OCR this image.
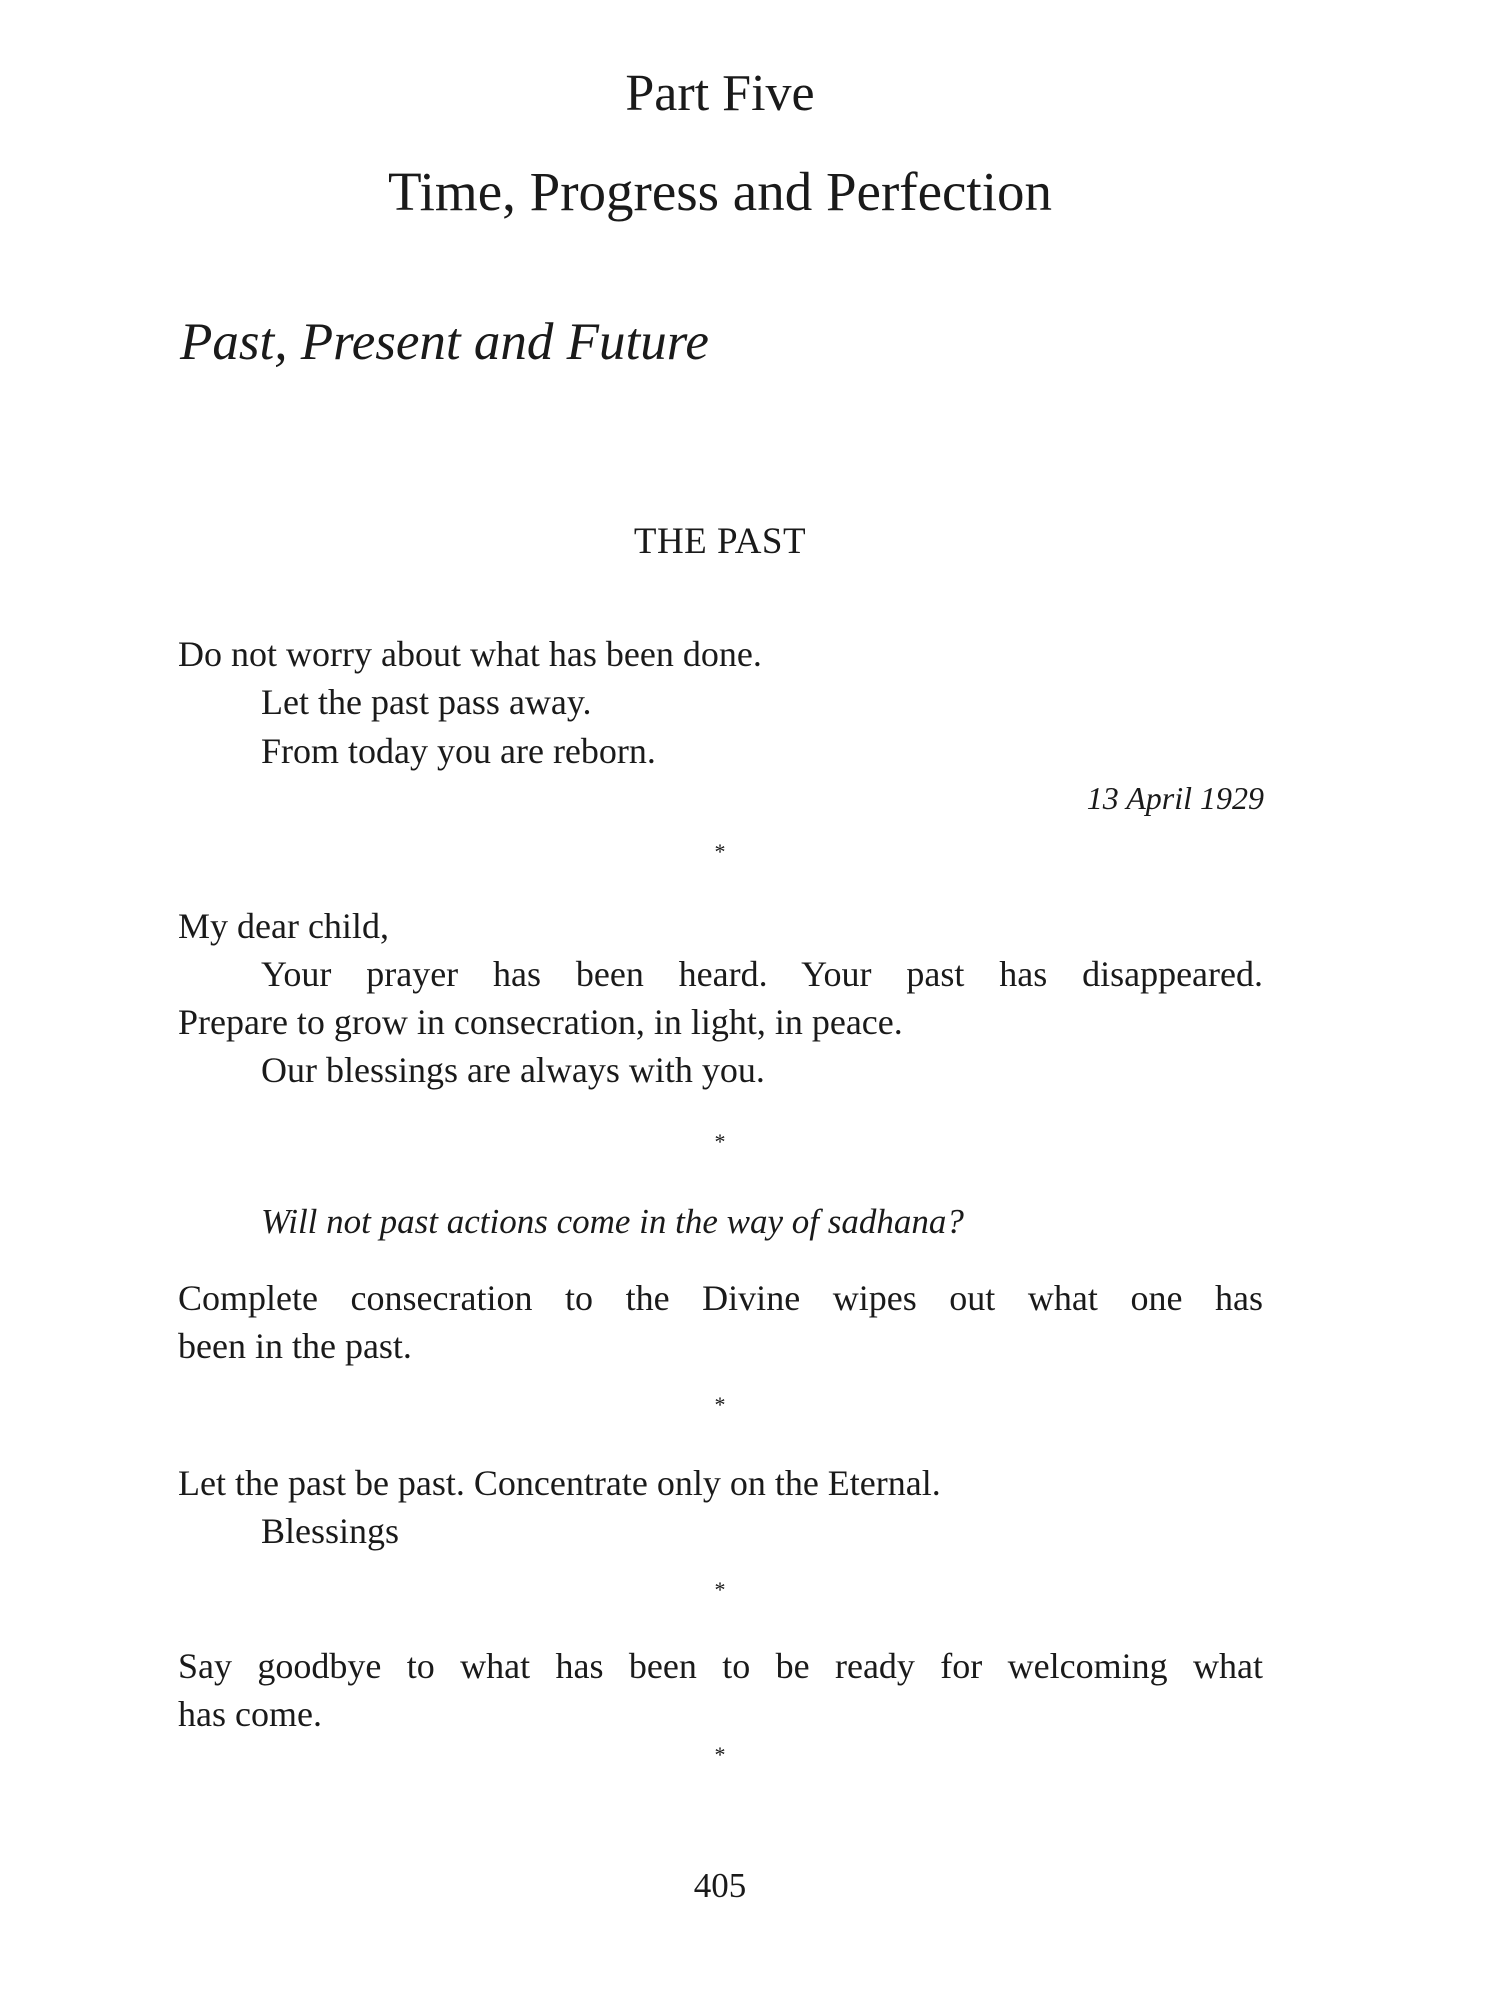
Part Five
Time, Progress and Perfection
Past, Present and Future
THE PAST
Do not worry about what has been done.
Let the past pass away.
From today you are reborn.
13 April 1929
*
My dear child,
Your prayer has been heard. Your past has disappeared.
Prepare to grow in consecration, in light, in peace.
Our blessings are always with you.
*
Will not past actions come in the way of sadhana?
Complete consecration to the Divine wipes out what one has
been in the past.
*
Let the past be past. Concentrate only on the Eternal.
Blessings
*
Say goodbye to what has been to be ready for welcoming what
has come.
*
405
